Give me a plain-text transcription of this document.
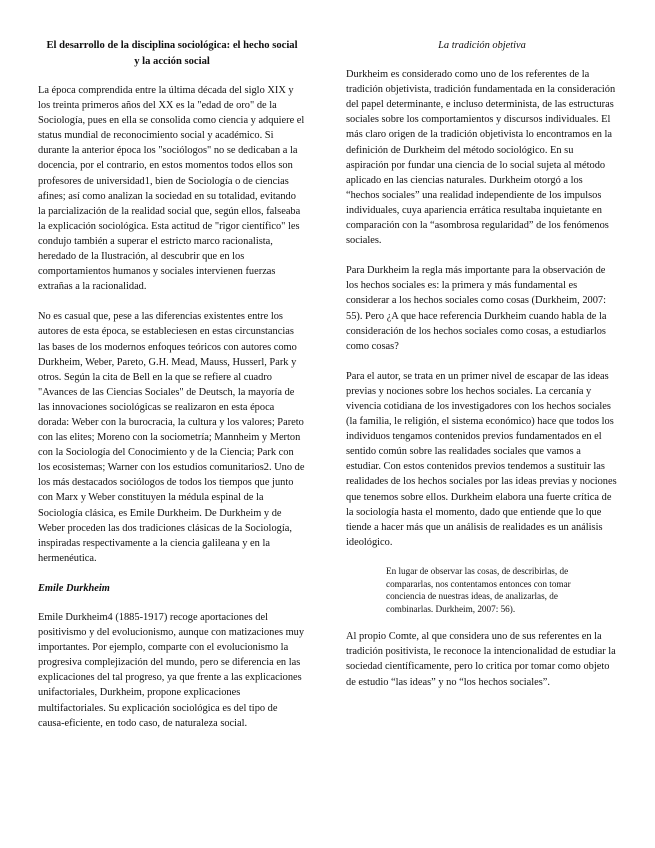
El desarrollo de la disciplina sociológica: el hecho social y la acción social

La época comprendida entre la última década del siglo XIX y los treinta primeros años del XX es la "edad de oro" de la Sociología, pues en ella se consolida como ciencia y adquiere el status mundial de reconocimiento social y académico. Si durante la anterior época los "sociólogos" no se dedicaban a la docencia, por el contrario, en estos momentos todos ellos son profesores de universidad1, bien de Sociología o de ciencias afines; así como analizan la sociedad en su totalidad, evitando la parcialización de la realidad social que, según ellos, falseaba la explicación sociológica. Esta actitud de "rigor científico" les condujo también a superar el estricto marco racionalista, heredado de la Ilustración, al descubrir que en los comportamientos humanos y sociales intervienen fuerzas extrañas a la racionalidad.

No es casual que, pese a las diferencias existentes entre los autores de esta época, se estableciesen en estas circunstancias las bases de los modernos enfoques teóricos con autores como Durkheim, Weber, Pareto, G.H. Mead, Mauss, Husserl, Park y otros. Según la cita de Bell en la que se refiere al cuadro "Avances de las Ciencias Sociales" de Deutsch, la mayoría de las innovaciones sociológicas se realizaron en esta época dorada: Weber con la burocracia, la cultura y los valores; Pareto con las elites; Moreno con la sociometría; Mannheim y Merton con la Sociología del Conocimiento y de la Ciencia; Park con los ecosistemas; Warner con los estudios comunitarios2. Uno de los más destacados sociólogos de todos los tiempos que junto con Marx y Weber constituyen la médula espinal de la Sociología clásica, es Emile Durkheim. De Durkheim y de Weber proceden las dos tradiciones clásicas de la Sociología, inspiradas respectivamente a la ciencia galileana y en la hermenéutica.

Emile Durkheim

Emile Durkheim4 (1885-1917) recoge aportaciones del positivismo y del evolucionismo, aunque con matizaciones muy importantes. Por ejemplo, comparte con el evolucionismo la progresiva complejización del mundo, pero se diferencia en las explicaciones del tal progreso, ya que frente a las explicaciones unifactoriales, Durkheim, propone explicaciones multifactoriales. Su explicación sociológica es del tipo de causa-eficiente, en todo caso, de naturaleza social.

La tradición objetiva

Durkheim es considerado como uno de los referentes de la tradición objetivista, tradición fundamentada en la consideración del papel determinante, e incluso determinista, de las estructuras sociales sobre los comportamientos y discursos individuales. El más claro origen de la tradición objetivista lo encontramos en la definición de Durkheim del método sociológico. En su aspiración por fundar una ciencia de lo social sujeta al método aplicado en las ciencias naturales. Durkheim otorgó a los “hechos sociales” una realidad independiente de los impulsos individuales, cuya apariencia errática resultaba inquietante en comparación con la “asombrosa regularidad” de los fenómenos sociales.

Para Durkheim la regla más importante para la observación de los hechos sociales es: la primera y más fundamental es considerar a los hechos sociales como cosas (Durkheim, 2007: 55). Pero ¿A que hace referencia Durkheim cuando habla de la consideración de los hechos sociales como cosas, a estudiarlos como cosas?

Para el autor, se trata en un primer nivel de escapar de las ideas previas y nociones sobre los hechos sociales. La cercanía y vivencia cotidiana de los investigadores con los hechos sociales (la familia, le religión, el sistema económico) hace que todos los individuos tengamos contenidos previos fundamentados en el sentido común sobre las realidades sociales que vamos a estudiar. Con estos contenidos previos tendemos a sustituir las realidades de los hechos sociales por las ideas previas y nociones que tenemos sobre ellos. Durkheim elabora una fuerte crítica de la sociología hasta el momento, dado que entiende que lo que tiende a hacer más que un análisis de realidades es un análisis ideológico.

En lugar de observar las cosas, de describirlas, de compararlas, nos contentamos entonces con tomar conciencia de nuestras ideas, de analizarlas, de combinarlas. Durkheim, 2007: 56).

Al propio Comte, al que considera uno de sus referentes en la tradición positivista, le reconoce la intencionalidad de estudiar la sociedad científicamente, pero lo critica por tomar como objeto de estudio “las ideas” y no “los hechos sociales”.
